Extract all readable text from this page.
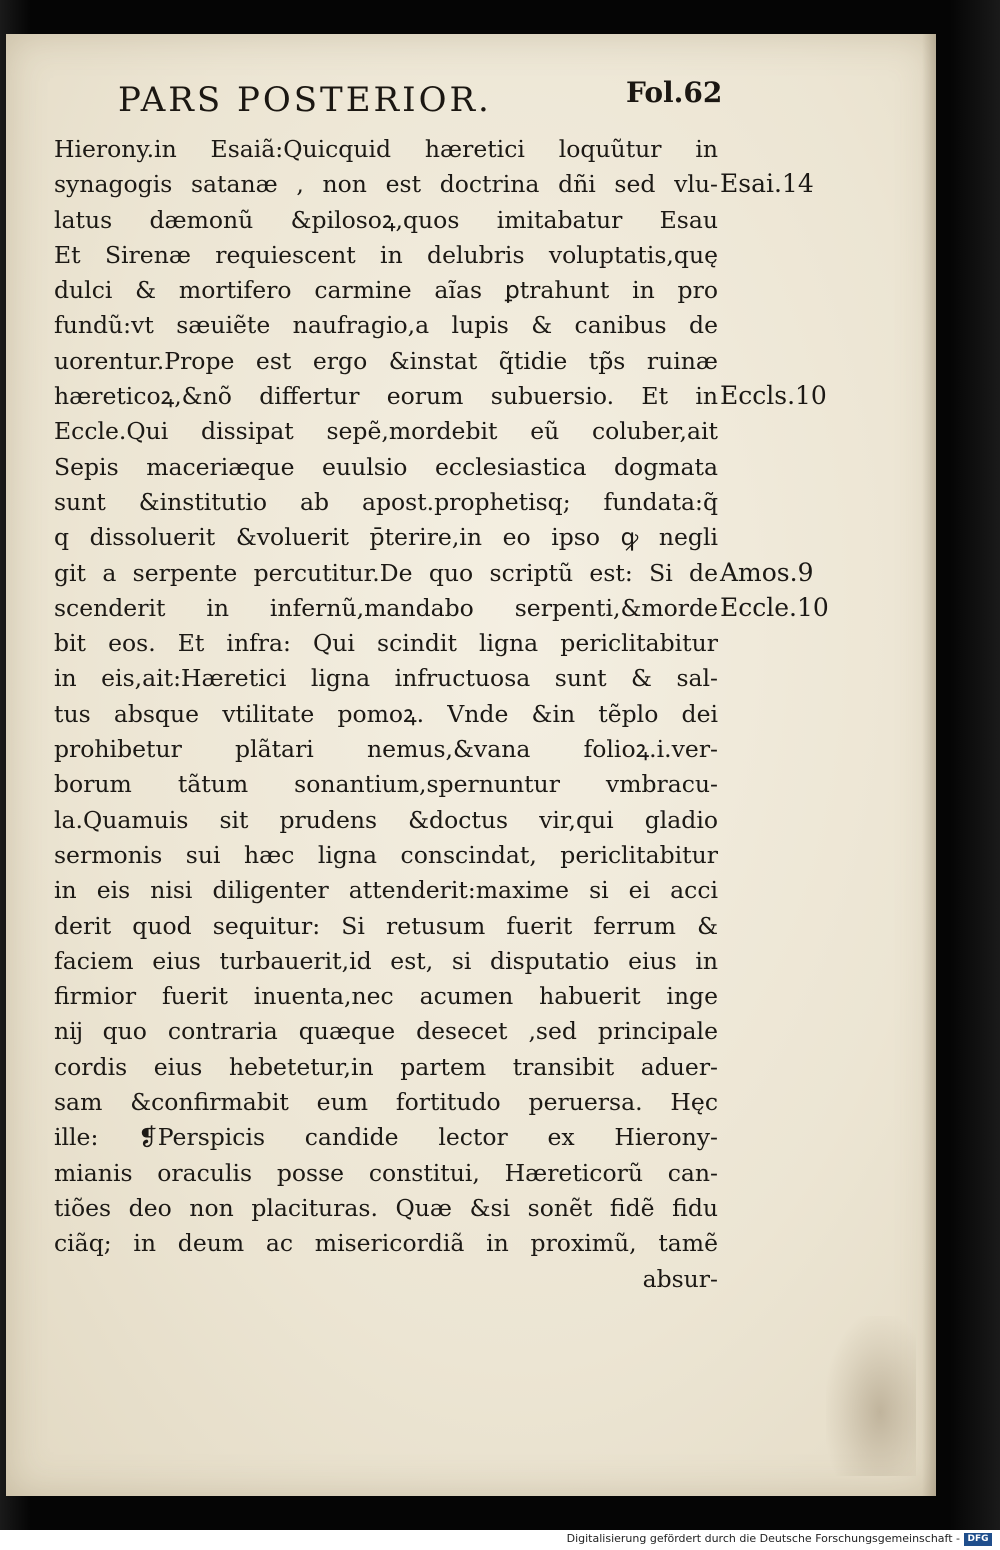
PARS POSTERIOR.	Fol.62
Hierony.in Esaiã:Quicquid hæretici loquũtur in
synagogis satanæ , non est doctrina dñi sed vlu-
latus dæmonũ &pilosoꝝ,quos imitabatur Esau
Et Sirenæ requiescent in delubris voluptatis,quę
dulci & mortifero carmine aĩas ꝑtrahunt in pro
fundũ:vt sæuiẽte naufragio,a lupis & canibus de
uorentur.Prope est ergo &instat q̃tidie tp̃s ruinæ
hæreticoꝝ,&nõ differtur eorum subuersio. Et in
Eccle.Qui dissipat sepẽ,mordebit eũ coluber,ait
Sepis maceriæque euulsio ecclesiastica dogmata
sunt &institutio ab apost.prophetisq; fundata:q̃
q dissoluerit &voluerit p̄terire,in eo ipso ꝙ negli
git a serpente percutitur.De quo scriptũ est: Si de
scenderit in infernũ,mandabo serpenti,&morde
bit eos. Et infra: Qui scindit ligna periclitabitur
in eis,ait:Hæretici ligna infructuosa sunt & sal-
tus absque vtilitate pomoꝝ. Vnde &in tẽplo dei
prohibetur plãtari nemus,&vana folioꝝ.i.ver-
borum tãtum sonantium,spernuntur vmbracu-
la.Quamuis sit prudens &doctus vir,qui gladio
sermonis sui hæc ligna conscindat, periclitabitur
in eis nisi diligenter attenderit:maxime si ei acci
derit quod sequitur: Si retusum fuerit ferrum &
faciem eius turbauerit,id est, si disputatio eius in
firmior fuerit inuenta,nec acumen habuerit inge
nĳ quo contraria quæque desecet ,sed principale
cordis eius hebetetur,in partem transibit aduer-
sam &confirmabit eum fortitudo peruersa. Hęc
ille: ❡Perspicis candide lector ex Hierony-
mianis oraculis posse constitui, Hæreticorũ can-
tiões deo non placituras. Quæ &si sonẽt fidẽ fidu
ciãq; in deum ac misericordiã in proximũ, tamẽ
absur-
Esai.14
Eccls.10
Amos.9
Eccle.10
Digitalisierung gefördert durch die Deutsche Forschungsgemeinschaft - DFG
